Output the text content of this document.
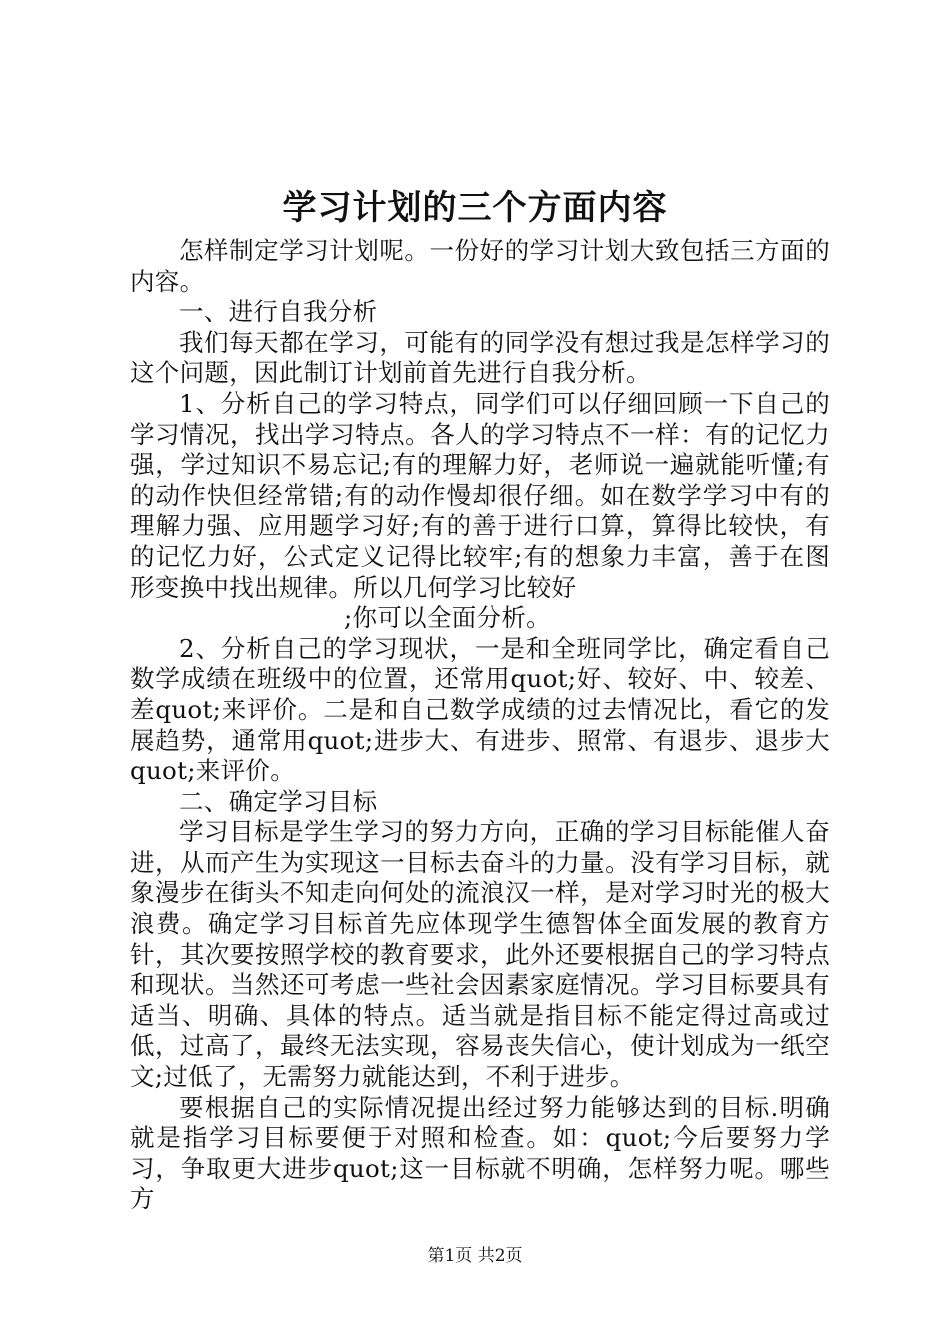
学习计划的三个方面内容

怎样制定学习计划呢。一份好的学习计划大致包括三方面的内容。

一、进行自我分析

我们每天都在学习，可能有的同学没有想过我是怎样学习的这个问题，因此制订计划前首先进行自我分析。

1、分析自己的学习特点，同学们可以仔细回顾一下自己的学习情况，找出学习特点。各人的学习特点不一样：有的记忆力强，学过知识不易忘记;有的理解力好，老师说一遍就能听懂;有的动作快但经常错;有的动作慢却很仔细。如在数学学习中有的理解力强、应用题学习好;有的善于进行口算，算得比较快，有的记忆力好，公式定义记得比较牢;有的想象力丰富，善于在图形变换中找出规律。所以几何学习比较好

;你可以全面分析。

2、分析自己的学习现状，一是和全班同学比，确定看自己数学成绩在班级中的位置，还常用quot;好、较好、中、较差、差quot;来评价。二是和自己数学成绩的过去情况比，看它的发展趋势，通常用quot;进步大、有进步、照常、有退步、退步大quot;来评价。

二、确定学习目标

学习目标是学生学习的努力方向，正确的学习目标能催人奋进，从而产生为实现这一目标去奋斗的力量。没有学习目标，就象漫步在街头不知走向何处的流浪汉一样，是对学习时光的极大浪费。确定学习目标首先应体现学生德智体全面发展的教育方针，其次要按照学校的教育要求，此外还要根据自己的学习特点和现状。当然还可考虑一些社会因素家庭情况。学习目标要具有适当、明确、具体的特点。适当就是指目标不能定得过高或过低，过高了，最终无法实现，容易丧失信心，使计划成为一纸空文;过低了，无需努力就能达到，不利于进步。

要根据自己的实际情况提出经过努力能够达到的目标.明确就是指学习目标要便于对照和检查。如：quot;今后要努力学习，争取更大进步quot;这一目标就不明确，怎样努力呢。哪些方

第1页 共2页
